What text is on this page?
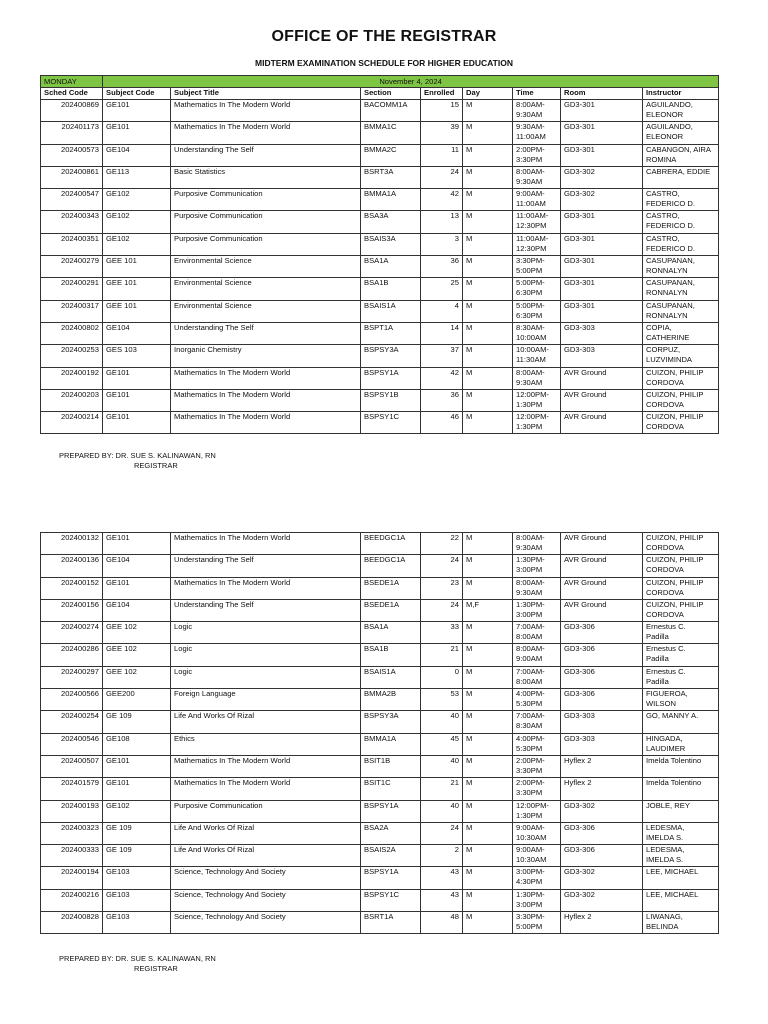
OFFICE OF THE REGISTRAR
MIDTERM EXAMINATION SCHEDULE FOR HIGHER EDUCATION
MONDAY	November 4, 2024							
Sched Code	Subject Code	Subject Title	Section	Enrolled	Day	Time	Room	Instructor
202400869	GE101	Mathematics In The Modern World	BACOMM1A	15	M	8:00AM-
9:30AM	GD3-301	AGUILANDO,
ELEONOR
202401173	GE101	Mathematics In The Modern World	BMMA1C	39	M	9:30AM-
11:00AM	GD3-301	AGUILANDO,
ELEONOR
202400573	GE104	Understanding The Self	BMMA2C	11	M	2:00PM-
3:30PM	GD3-301	CABANGON, AIRA
ROMINA
202400861	GE113	Basic Statistics	BSRT3A	24	M	8:00AM-
9:30AM	GD3-302	CABRERA, EDDIE
202400547	GE102	Purposive Communication	BMMA1A	42	M	9:00AM-
11:00AM	GD3-302	CASTRO,
FEDERICO D.
202400343	GE102	Purposive Communication	BSA3A	13	M	11:00AM-
12:30PM	GD3-301	CASTRO,
FEDERICO D.
202400351	GE102	Purposive Communication	BSAIS3A	3	M	11:00AM-
12:30PM	GD3-301	CASTRO,
FEDERICO D.
202400279	GEE 101	Environmental Science	BSA1A	36	M	3:30PM-
5:00PM	GD3-301	CASUPANAN,
RONNALYN
202400291	GEE 101	Environmental Science	BSA1B	25	M	5:00PM-
6:30PM	GD3-301	CASUPANAN,
RONNALYN
202400317	GEE 101	Environmental Science	BSAIS1A	4	M	5:00PM-
6:30PM	GD3-301	CASUPANAN,
RONNALYN
202400802	GE104	Understanding The Self	BSPT1A	14	M	8:30AM-
10:00AM	GD3-303	COPIA,
CATHERINE
202400253	GES 103	Inorganic Chemistry	BSPSY3A	37	M	10:00AM-
11:30AM	GD3-303	CORPUZ,
LUZVIMINDA
202400192	GE101	Mathematics In The Modern World	BSPSY1A	42	M	8:00AM-
9:30AM	AVR Ground	CUIZON, PHILIP
CORDOVA
202400203	GE101	Mathematics In The Modern World	BSPSY1B	36	M	12:00PM-
1:30PM	AVR Ground	CUIZON, PHILIP
CORDOVA
202400214	GE101	Mathematics In The Modern World	BSPSY1C	46	M	12:00PM-
1:30PM	AVR Ground	CUIZON, PHILIP
CORDOVA
PREPARED BY: DR. SUE S. KALINAWAN, RN
REGISTRAR
202400132	GE101	Mathematics In The Modern World	BEEDGC1A	22	M	8:00AM-
9:30AM	AVR Ground	CUIZON, PHILIP
CORDOVA
202400136	GE104	Understanding The Self	BEEDGC1A	24	M	1:30PM-
3:00PM	AVR Ground	CUIZON, PHILIP
CORDOVA
202400152	GE101	Mathematics In The Modern World	BSEDE1A	23	M	8:00AM-
9:30AM	AVR Ground	CUIZON, PHILIP
CORDOVA
202400156	GE104	Understanding The Self	BSEDE1A	24	M,F	1:30PM-
3:00PM	AVR Ground	CUIZON, PHILIP
CORDOVA
202400274	GEE 102	Logic	BSA1A	33	M	7:00AM-
8:00AM	GD3-306	Ernestus C.
Padilla
202400286	GEE 102	Logic	BSA1B	21	M	8:00AM-
9:00AM	GD3-306	Ernestus C.
Padilla
202400297	GEE 102	Logic	BSAIS1A	0	M	7:00AM-
8:00AM	GD3-306	Ernestus C.
Padilla
202400566	GEE200	Foreign Language	BMMA2B	53	M	4:00PM-
5:30PM	GD3-306	FIGUEROA,
WILSON
202400254	GE 109	Life And Works Of Rizal	BSPSY3A	40	M	7:00AM-
8:30AM	GD3-303	GO, MANNY A.
202400546	GE108	Ethics	BMMA1A	45	M	4:00PM-
5:30PM	GD3-303	HINGADA,
LAUDIMER
202400507	GE101	Mathematics In The Modern World	BSIT1B	40	M	2:00PM-
3:30PM	Hyflex 2	Imelda Tolentino
202401579	GE101	Mathematics In The Modern World	BSIT1C	21	M	2:00PM-
3:30PM	Hyflex 2	Imelda Tolentino
202400193	GE102	Purposive Communication	BSPSY1A	40	M	12:00PM-
1:30PM	GD3-302	JOBLE, REY
202400323	GE 109	Life And Works Of Rizal	BSA2A	24	M	9:00AM-
10:30AM	GD3-306	LEDESMA,
IMELDA S.
202400333	GE 109	Life And Works Of Rizal	BSAIS2A	2	M	9:00AM-
10:30AM	GD3-306	LEDESMA,
IMELDA S.
202400194	GE103	Science, Technology And Society	BSPSY1A	43	M	3:00PM-
4:30PM	GD3-302	LEE, MICHAEL
202400216	GE103	Science, Technology And Society	BSPSY1C	43	M	1:30PM-
3:00PM	GD3-302	LEE, MICHAEL
202400828	GE103	Science, Technology And Society	BSRT1A	48	M	3:30PM-
5:00PM	Hyflex 2	LIWANAG,
BELINDA
PREPARED BY: DR. SUE S. KALINAWAN, RN
REGISTRAR
